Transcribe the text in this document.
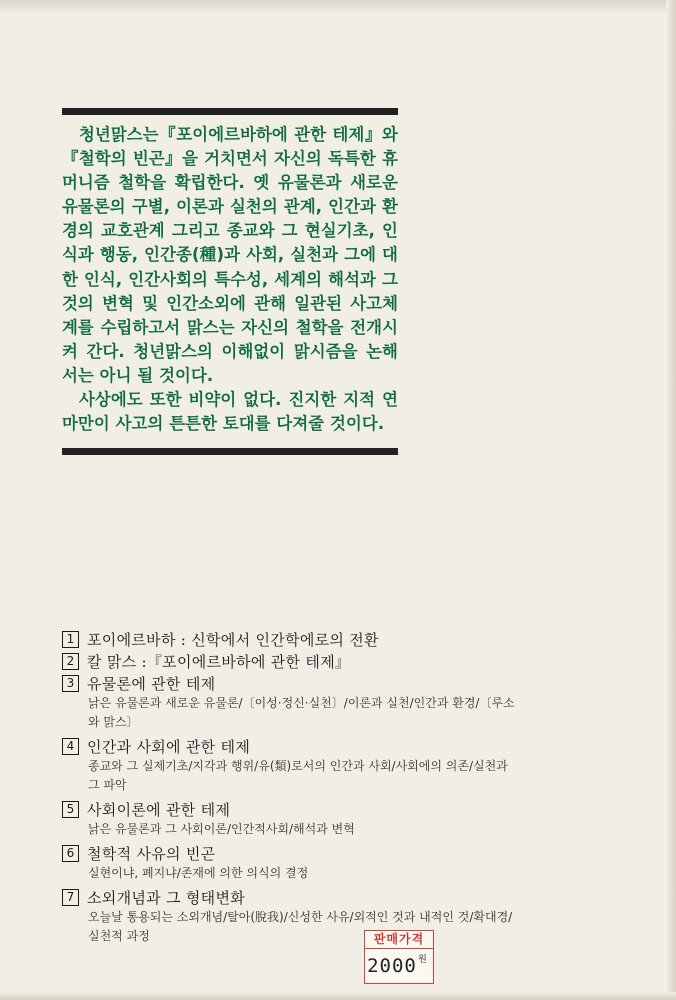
청년맑스는『포이에르바하에 관한 테제』와『철학의 빈곤』을 거치면서 자신의 독특한 휴머니즘 철학을 확립한다. 옛 유물론과 새로운 유물론의 구별, 이론과 실천의 관계, 인간과 환경의 교호관계 그리고 종교와 그 현실기초, 인식과 행동, 인간종(種)과 사회, 실천과 그에 대한 인식, 인간사회의 특수성, 세계의 해석과 그것의 변혁 및 인간소외에 관해 일관된 사고체계를 수립하고서 맑스는 자신의 철학을 전개시켜 간다. 청년맑스의 이해없이 맑시즘을 논해서는 아니 될 것이다.

사상에도 또한 비약이 없다. 진지한 지적 연마만이 사고의 튼튼한 토대를 다져줄 것이다.

1 포이에르바하 : 신학에서 인간학에로의 전환
2 칼 맑스 :『포이에르바하에 관한 테제』
3 유물론에 관한 테제
낡은 유물론과 새로운 유물론/〔이성·정신·실천〕/이론과 실천/인간과 환경/〔루소와 맑스〕
4 인간과 사회에 관한 테제
종교와 그 실제기초/지각과 행위/유(類)로서의 인간과 사회/사회에의 의존/실천과 그 파악
5 사회이론에 관한 테제
낡은 유물론과 그 사회이론/인간적사회/해석과 변혁
6 철학적 사유의 빈곤
실현이냐, 폐지냐/존재에 의한 의식의 결정
7 소외개념과 그 형태변화
오늘날 통용되는 소외개념/탈아(脫我)/신성한 사유/외적인 것과 내적인 것/확대경/실천적 과정	판매가격
2000 원
